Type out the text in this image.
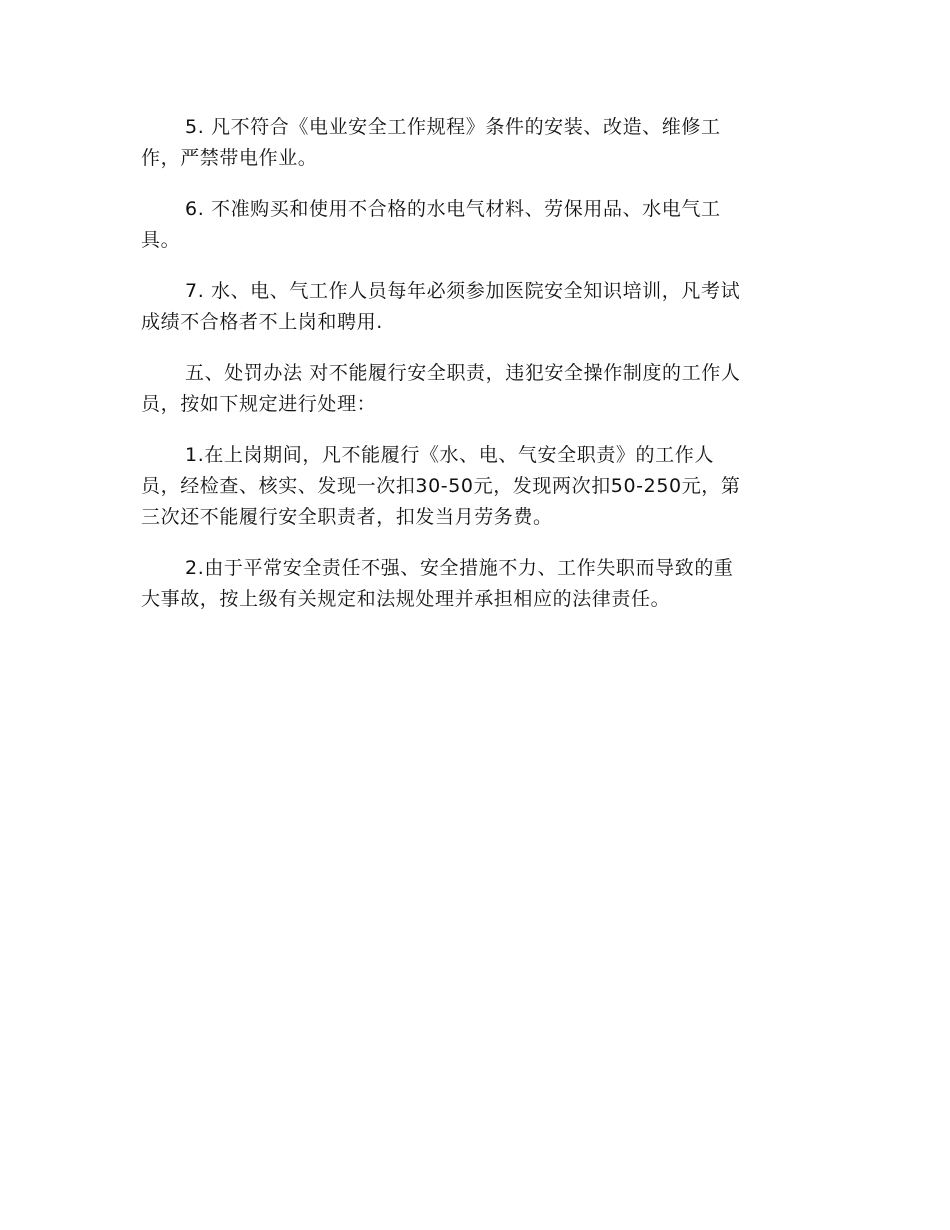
5. 凡不符合《电业安全工作规程》条件的安装、改造、维修工
作，严禁带电作业。

6. 不准购买和使用不合格的水电气材料、劳保用品、水电气工
具。

7. 水、电、气工作人员每年必须参加医院安全知识培训，凡考试
成绩不合格者不上岗和聘用.

五、处罚办法 对不能履行安全职责，违犯安全操作制度的工作人
员，按如下规定进行处理：

1.在上岗期间，凡不能履行《水、电、气安全职责》的工作人
员，经检查、核实、发现一次扣30-50元，发现两次扣50-250元，第
三次还不能履行安全职责者，扣发当月劳务费。

2.由于平常安全责任不强、安全措施不力、工作失职而导致的重
大事故，按上级有关规定和法规处理并承担相应的法律责任。
